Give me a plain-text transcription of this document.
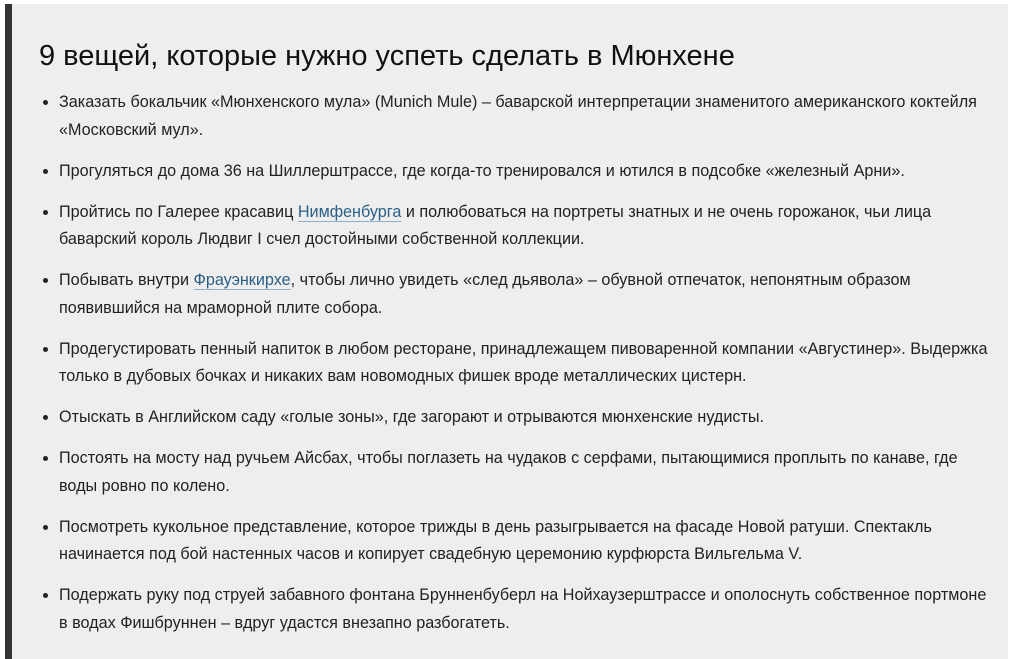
9 вещей, которые нужно успеть сделать в Мюнхене
Заказать бокальчик «Мюнхенского мула» (Munich Mule) – баварской интерпретации знаменитого американского коктейля «Московский мул».
Прогуляться до дома 36 на Шиллерштрассе, где когда-то тренировался и ютился в подсобке «железный Арни».
Пройтись по Галерее красавиц Нимфенбурга и полюбоваться на портреты знатных и не очень горожанок, чьи лица баварский король Людвиг I счел достойными собственной коллекции.
Побывать внутри Фрауэнкирхе, чтобы лично увидеть «след дьявола» – обувной отпечаток, непонятным образом появившийся на мраморной плите собора.
Продегустировать пенный напиток в любом ресторане, принадлежащем пивоваренной компании «Августинер». Выдержка только в дубовых бочках и никаких вам новомодных фишек вроде металлических цистерн.
Отыскать в Английском саду «голые зоны», где загорают и отрываются мюнхенские нудисты.
Постоять на мосту над ручьем Айсбах, чтобы поглазеть на чудаков с серфами, пытающимися проплыть по канаве, где воды ровно по колено.
Посмотреть кукольное представление, которое трижды в день разыгрывается на фасаде Новой ратуши. Спектакль начинается под бой настенных часов и копирует свадебную церемонию курфюрста Вильгельма V.
Подержать руку под струей забавного фонтана Брунненбуберл на Нойхаузерштрассе и ополоснуть собственное портмоне в водах Фишбруннен – вдруг удастся внезапно разбогатеть.
